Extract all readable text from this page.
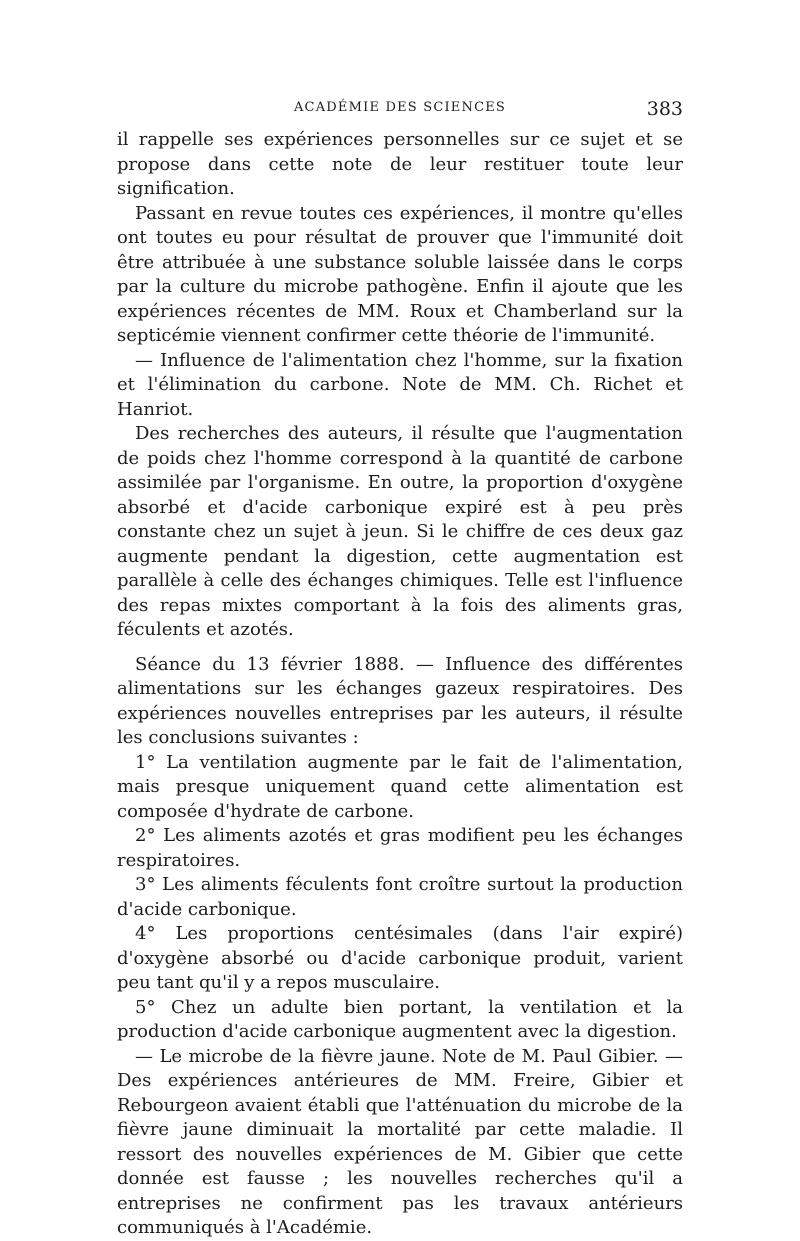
ACADÉMIE DES SCIENCES	383

il rappelle ses expériences personnelles sur ce sujet et se propose dans cette note de leur restituer toute leur signification.

Passant en revue toutes ces expériences, il montre qu'elles ont toutes eu pour résultat de prouver que l'immunité doit être attribuée à une substance soluble laissée dans le corps par la culture du microbe pathogène. Enfin il ajoute que les expériences récentes de MM. Roux et Chamberland sur la septicémie viennent confirmer cette théorie de l'immunité.

— Influence de l'alimentation chez l'homme, sur la fixation et l'élimination du carbone. Note de MM. Ch. Richet et Hanriot.

Des recherches des auteurs, il résulte que l'augmentation de poids chez l'homme correspond à la quantité de carbone assimilée par l'organisme. En outre, la proportion d'oxygène absorbé et d'acide carbonique expiré est à peu près constante chez un sujet à jeun. Si le chiffre de ces deux gaz augmente pendant la digestion, cette augmentation est parallèle à celle des échanges chimiques. Telle est l'influence des repas mixtes comportant à la fois des aliments gras, féculents et azotés.

Séance du 13 février 1888. — Influence des différentes alimentations sur les échanges gazeux respiratoires. Des expériences nouvelles entreprises par les auteurs, il résulte les conclusions suivantes :

1° La ventilation augmente par le fait de l'alimentation, mais presque uniquement quand cette alimentation est composée d'hydrate de carbone.

2° Les aliments azotés et gras modifient peu les échanges respiratoires.

3° Les aliments féculents font croître surtout la production d'acide carbonique.

4° Les proportions centésimales (dans l'air expiré) d'oxygène absorbé ou d'acide carbonique produit, varient peu tant qu'il y a repos musculaire.

5° Chez un adulte bien portant, la ventilation et la production d'acide carbonique augmentent avec la digestion.

— Le microbe de la fièvre jaune. Note de M. Paul Gibier. — Des expériences antérieures de MM. Freire, Gibier et Rebourgeon avaient établi que l'atténuation du microbe de la fièvre jaune diminuait la mortalité par cette maladie. Il ressort des nouvelles expériences de M. Gibier que cette donnée est fausse ; les nouvelles recherches qu'il a entreprises ne confirment pas les travaux antérieurs communiqués à l'Académie.
